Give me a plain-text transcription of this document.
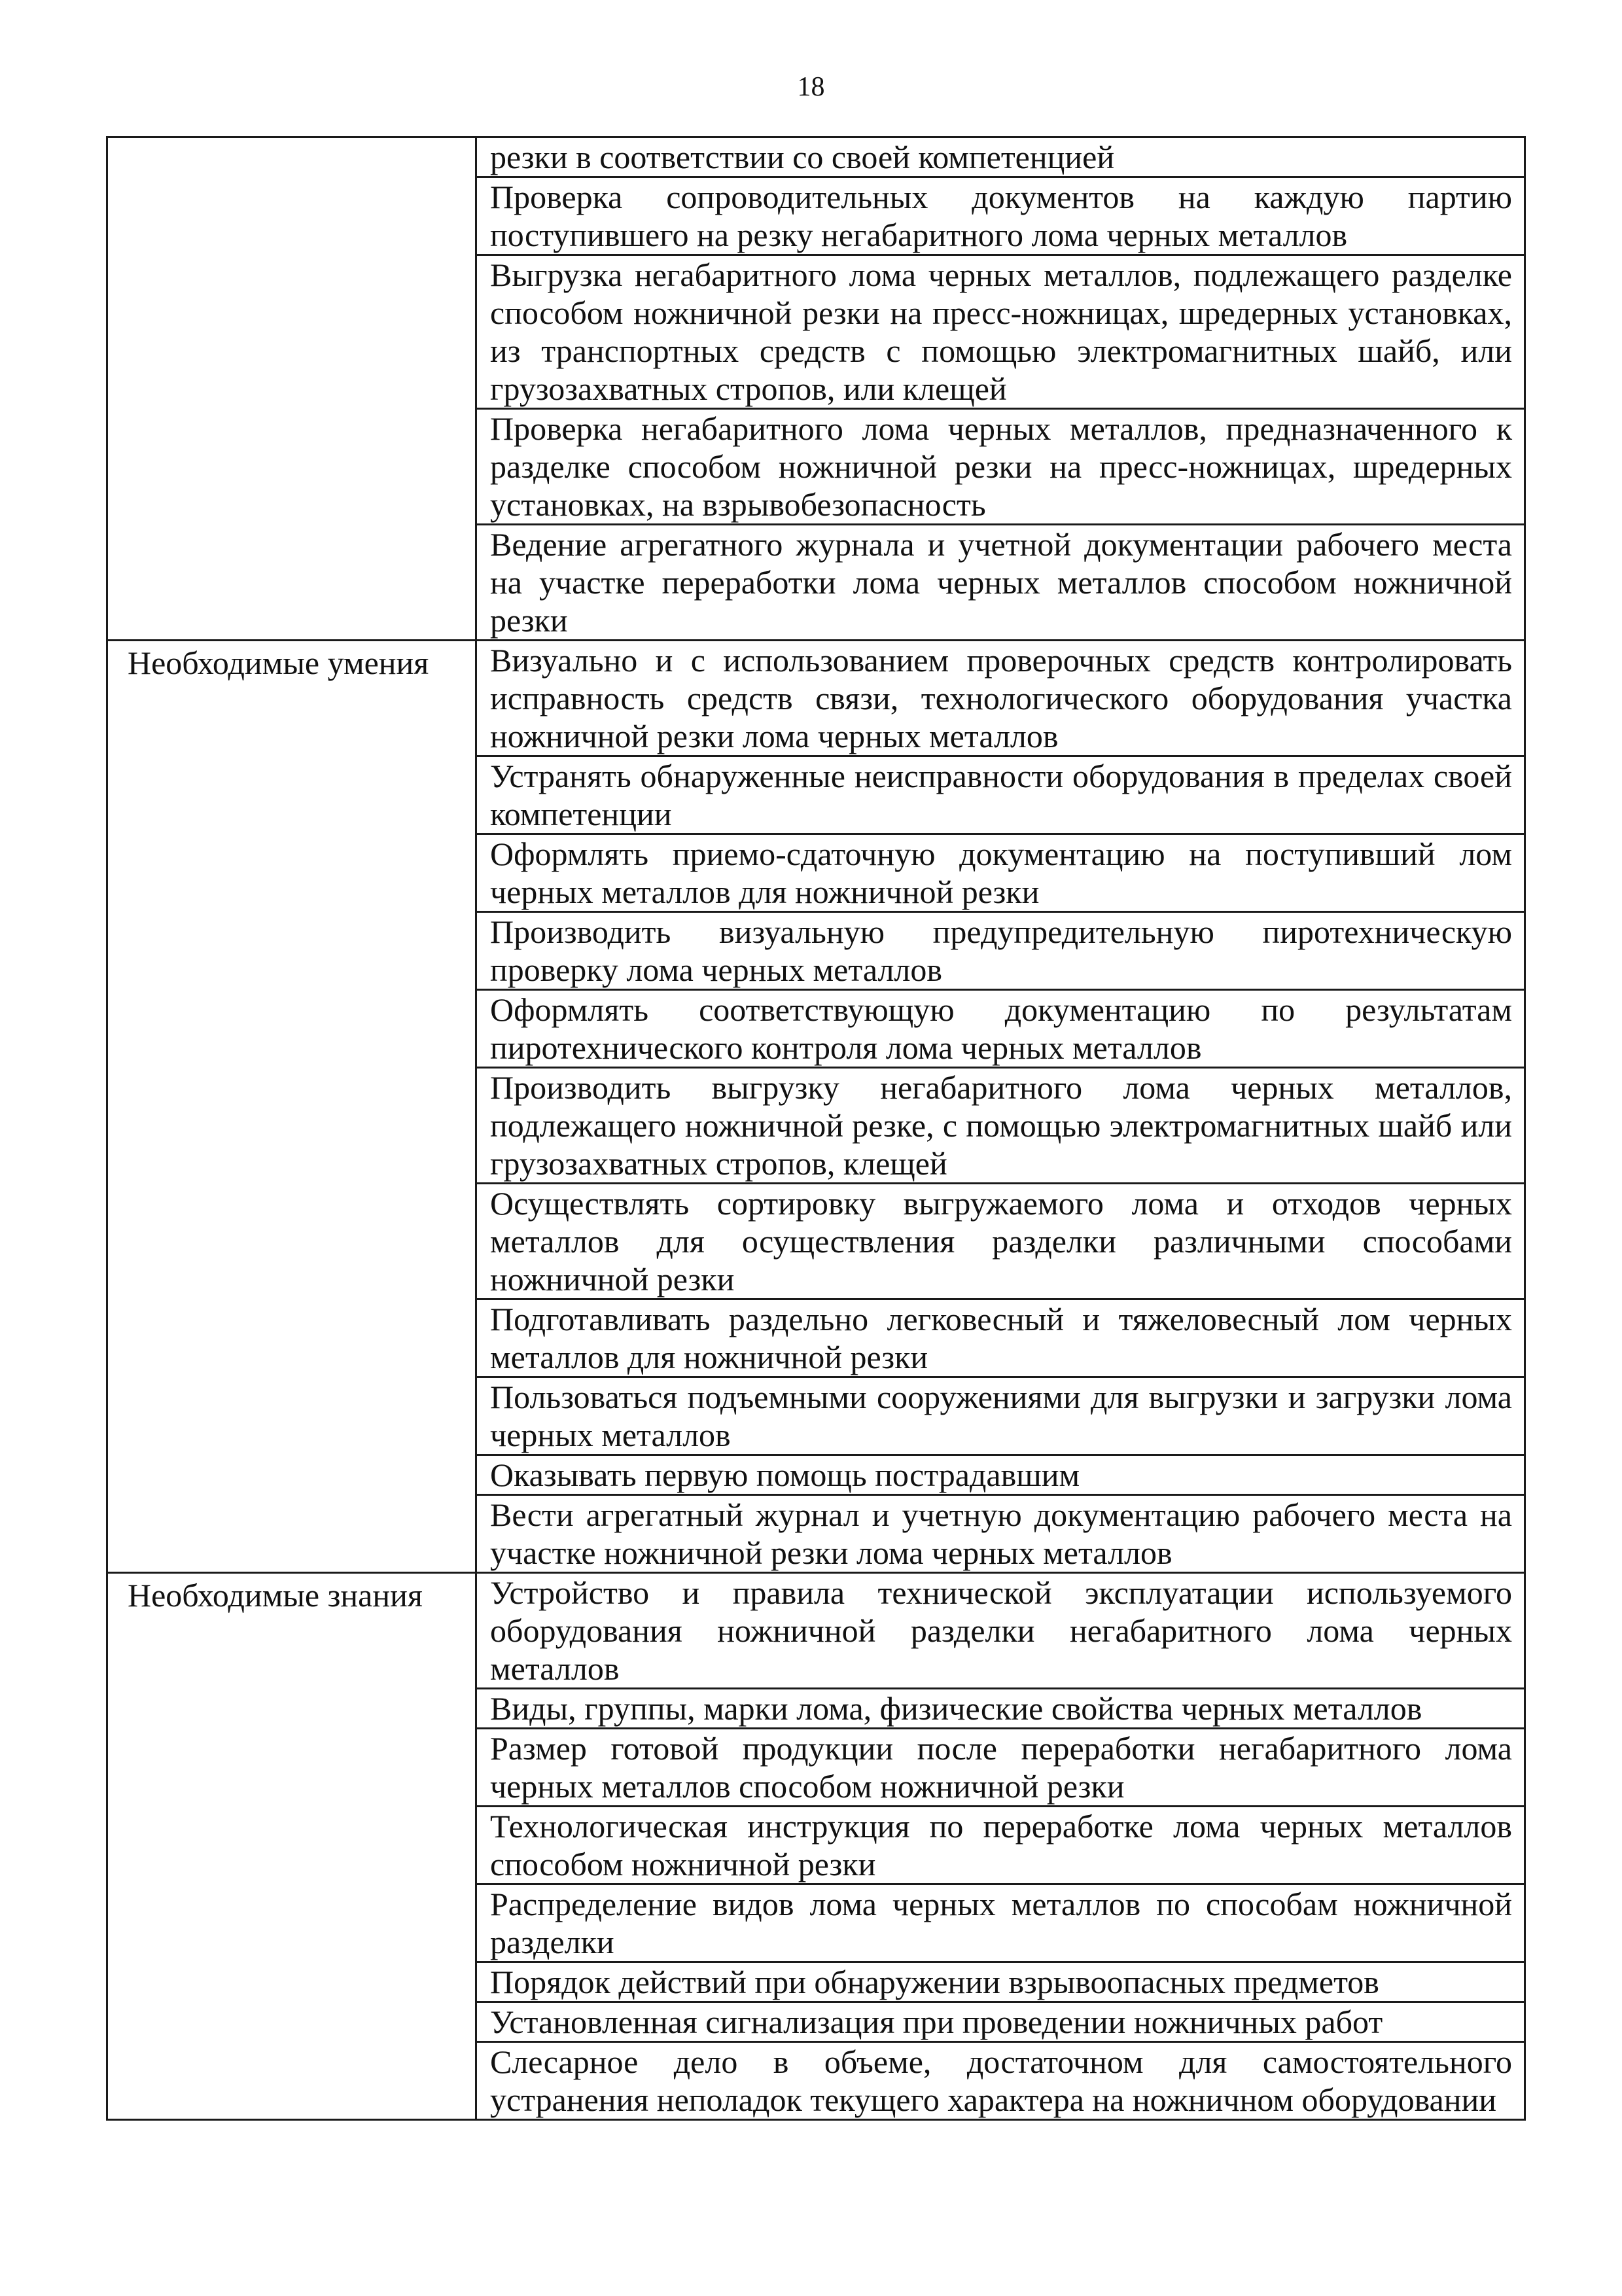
18
	резки в соответствии со своей компетенцией
	Проверка сопроводительных документов на каждую партию поступившего на резку негабаритного лома черных металлов
	Выгрузка негабаритного лома черных металлов, подлежащего разделке способом ножничной резки на пресс-ножницах, шредерных установках, из транспортных средств с помощью электромагнитных шайб, или грузозахватных стропов, или клещей
	Проверка негабаритного лома черных металлов, предназначенного к разделке способом ножничной резки на пресс-ножницах, шредерных установках, на взрывобезопасность
	Ведение агрегатного журнала и учетной документации рабочего места на участке переработки лома черных металлов способом ножничной резки
Необходимые умения	Визуально и с использованием проверочных средств контролировать исправность средств связи, технологического оборудования участка ножничной резки лома черных металлов
	Устранять обнаруженные неисправности оборудования в пределах своей компетенции
	Оформлять приемо-сдаточную документацию на поступивший лом черных металлов для ножничной резки
	Производить визуальную предупредительную пиротехническую проверку лома черных металлов
	Оформлять соответствующую документацию по результатам пиротехнического контроля лома черных металлов
	Производить выгрузку негабаритного лома черных металлов, подлежащего ножничной резке, с помощью электромагнитных шайб или грузозахватных стропов, клещей
	Осуществлять сортировку выгружаемого лома и отходов черных металлов для осуществления разделки различными способами ножничной резки
	Подготавливать раздельно легковесный и тяжеловесный лом черных металлов для ножничной резки
	Пользоваться подъемными сооружениями для выгрузки и загрузки лома черных металлов
	Оказывать первую помощь пострадавшим
	Вести агрегатный журнал и учетную документацию рабочего места на участке ножничной резки лома черных металлов
Необходимые знания	Устройство и правила технической эксплуатации используемого оборудования ножничной разделки негабаритного лома черных металлов
	Виды, группы, марки лома, физические свойства черных металлов
	Размер готовой продукции после переработки негабаритного лома черных металлов способом ножничной резки
	Технологическая инструкция по переработке лома черных металлов способом ножничной резки
	Распределение видов лома черных металлов по способам ножничной разделки
	Порядок действий при обнаружении взрывоопасных предметов
	Установленная сигнализация при проведении ножничных работ
	Слесарное дело в объеме, достаточном для самостоятельного устранения неполадок текущего характера на ножничном оборудовании
